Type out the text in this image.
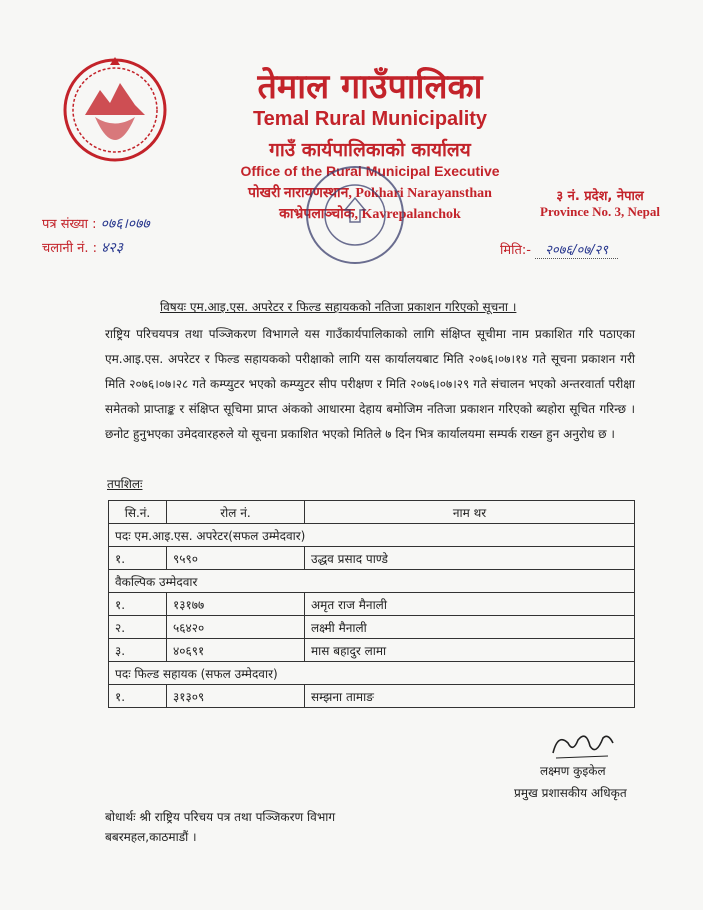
तेमाल गाउँपालिका
Temal Rural Municipality
गाउँ कार्यपालिकाको कार्यालय
Office of the Rural Municipal Executive
पोखरी नारायणस्थान, Pokhari Narayansthan
काभ्रेपलाञ्चोक, Kavrepalanchok
३ नं. प्रदेश, नेपाल
Province No. 3, Nepal
पत्र संख्या : ०७६।०७७
चलानी नं. : ४२३	मिति:- २०७६/०७/२९
विषयः एम.आइ.एस. अपरेटर र फिल्ड सहायकको नतिजा प्रकाशन गरिएको सूचना ।
राष्ट्रिय परिचयपत्र तथा पञ्जिकरण विभागले यस गाउँकार्यपालिकाको लागि संक्षिप्त सूचीमा नाम प्रकाशित गरि पठाएका एम.आइ.एस. अपरेटर र फिल्ड सहायकको परीक्षाको लागि यस कार्यालयबाट मिति २०७६।०७।१४ गते सूचना प्रकाशन गरी मिति २०७६।०७।२८ गते कम्प्युटर भएको कम्प्युटर सीप परीक्षण र मिति २०७६।०७।२९ गते संचालन भएको अन्तरवार्ता परीक्षा समेतको प्राप्ताङ्क र संक्षिप्त सूचिमा प्राप्त अंकको आधारमा देहाय बमोजिम नतिजा प्रकाशन गरिएको ब्यहोरा सूचित गरिन्छ । छनोट हुनुभएका उमेदवारहरुले यो सूचना प्रकाशित भएको मितिले ७ दिन भित्र कार्यालयमा सम्पर्क राख्न हुन अनुरोध छ ।
तपशिलः
सि.नं.	रोल नं.	नाम थर
पदः एम.आइ.एस. अपरेटर(सफल उम्मेदवार)		
१.	९५९०	उद्धव प्रसाद पाण्डे
वैकल्पिक उम्मेदवार		
१.	१३१७७	अमृत राज मैनाली
२.	५६४२०	लक्ष्मी मैनाली
३.	४०६९१	मास बहादुर लामा
पदः फिल्ड सहायक (सफल उम्मेदवार)		
१.	३१३०९	सम्झना तामाङ
लक्ष्मण कुइकेल
प्रमुख प्रशासकीय अधिकृत
बोधार्थः श्री राष्ट्रिय परिचय पत्र तथा पञ्जिकरण विभाग
बबरमहल,काठमाडौं ।
